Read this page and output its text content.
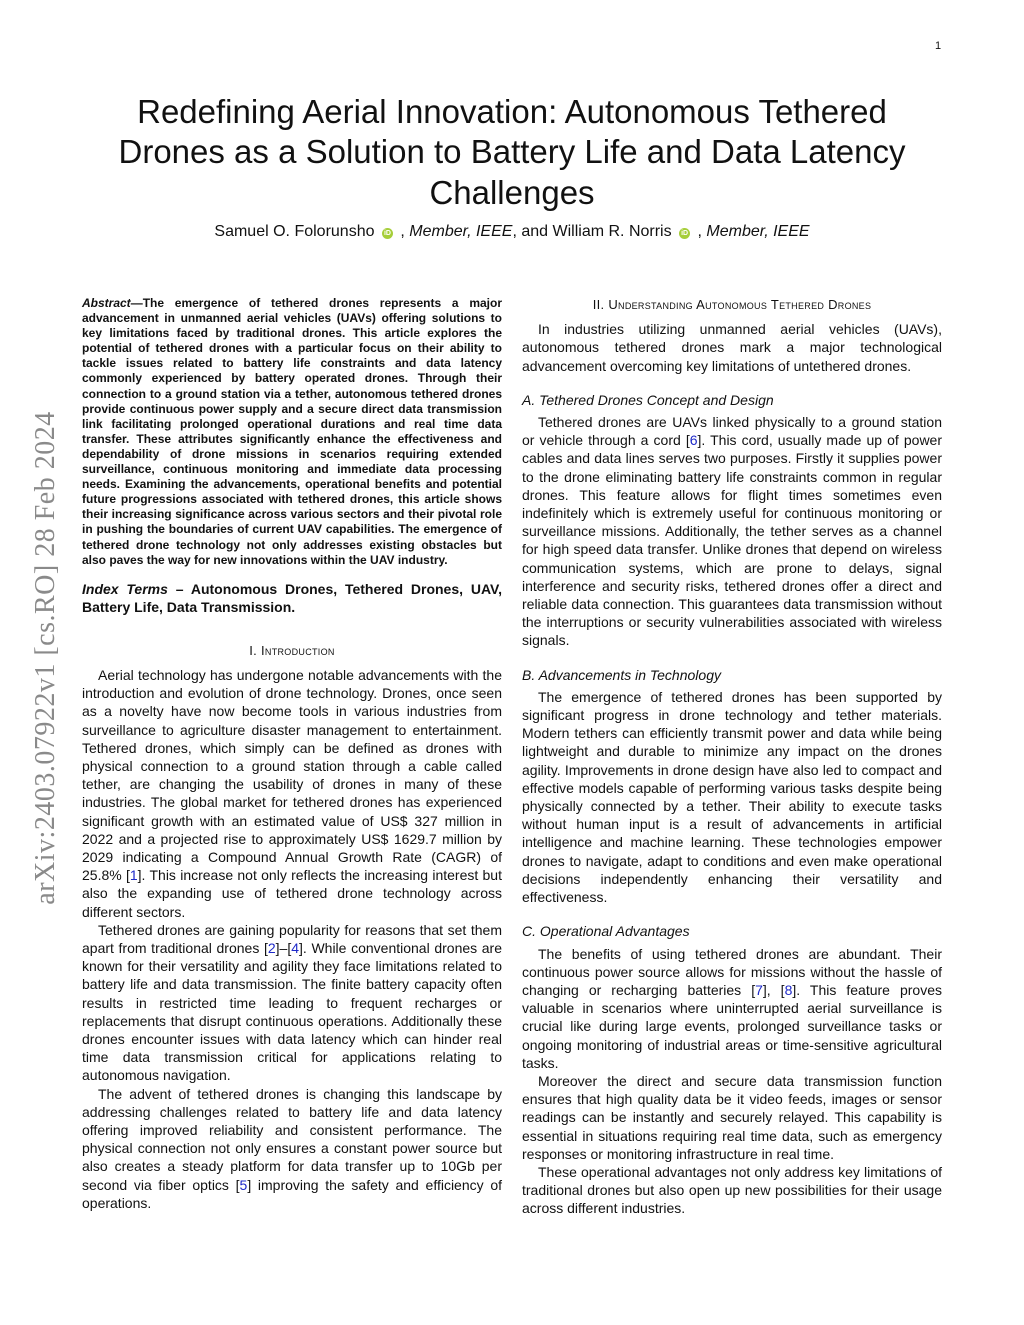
1
arXiv:2403.07922v1 [cs.RO] 28 Feb 2024
Redefining Aerial Innovation: Autonomous Tethered
Drones as a Solution to Battery Life and Data Latency
Challenges
Samuel O. Folorunsho iD , Member, IEEE, and William R. Norris iD , Member, IEEE

Abstract—The emergence of tethered drones represents a major advancement in unmanned aerial vehicles (UAVs) offering solutions to key limitations faced by traditional drones. This article explores the potential of tethered drones with a particular focus on their ability to tackle issues related to battery life constraints and data latency commonly experienced by battery operated drones. Through their connection to a ground station via a tether, autonomous tethered drones provide continuous power supply and a secure direct data transmission link facilitating prolonged operational durations and real time data transfer. These attributes significantly enhance the effectiveness and dependability of drone missions in scenarios requiring extended surveillance, continuous monitoring and immediate data processing needs. Examining the advancements, operational benefits and potential future progressions associated with tethered drones, this article shows their increasing significance across various sectors and their pivotal role in pushing the boundaries of current UAV capabilities. The emergence of tethered drone technology not only addresses existing obstacles but also paves the way for new innovations within the UAV industry.

Index Terms – Autonomous Drones, Tethered Drones, UAV, Battery Life, Data Transmission.

I. Introduction

Aerial technology has undergone notable advancements with the introduction and evolution of drone technology. Drones, once seen as a novelty have now become tools in various industries from surveillance to agriculture disaster management to entertainment. Tethered drones, which simply can be defined as drones with physical connection to a ground station through a cable called tether, are changing the usability of drones in many of these industries. The global market for tethered drones has experienced significant growth with an estimated value of US$ 327 million in 2022 and a projected rise to approximately US$ 1629.7 million by 2029 indicating a Compound Annual Growth Rate (CAGR) of 25.8% [1]. This increase not only reflects the increasing interest but also the expanding use of tethered drone technology across different sectors.

Tethered drones are gaining popularity for reasons that set them apart from traditional drones [2]–[4]. While conventional drones are known for their versatility and agility they face limitations related to battery life and data transmission. The finite battery capacity often results in restricted time leading to frequent recharges or replacements that disrupt continuous operations. Additionally these drones encounter issues with data latency which can hinder real time data transmission critical for applications relating to autonomous navigation.

The advent of tethered drones is changing this landscape by addressing challenges related to battery life and data latency offering improved reliability and consistent performance. The physical connection not only ensures a constant power source but also creates a steady platform for data transfer up to 10Gb per second via fiber optics [5] improving the safety and efficiency of operations.

II. Understanding Autonomous Tethered Drones

In industries utilizing unmanned aerial vehicles (UAVs), autonomous tethered drones mark a major technological advancement overcoming key limitations of untethered drones.

A. Tethered Drones Concept and Design

Tethered drones are UAVs linked physically to a ground station or vehicle through a cord [6]. This cord, usually made up of power cables and data lines serves two purposes. Firstly it supplies power to the drone eliminating battery life constraints common in regular drones. This feature allows for flight times sometimes even indefinitely which is extremely useful for continuous monitoring or surveillance missions. Additionally, the tether serves as a channel for high speed data transfer. Unlike drones that depend on wireless communication systems, which are prone to delays, signal interference and security risks, tethered drones offer a direct and reliable data connection. This guarantees data transmission without the interruptions or security vulnerabilities associated with wireless signals.

B. Advancements in Technology

The emergence of tethered drones has been supported by significant progress in drone technology and tether materials. Modern tethers can efficiently transmit power and data while being lightweight and durable to minimize any impact on the drones agility. Improvements in drone design have also led to compact and effective models capable of performing various tasks despite being physically connected by a tether. Their ability to execute tasks without human input is a result of advancements in artificial intelligence and machine learning. These technologies empower drones to navigate, adapt to conditions and even make operational decisions independently enhancing their versatility and effectiveness.

C. Operational Advantages

The benefits of using tethered drones are abundant. Their continuous power source allows for missions without the hassle of changing or recharging batteries [7], [8]. This feature proves valuable in scenarios where uninterrupted aerial surveillance is crucial like during large events, prolonged surveillance tasks or ongoing monitoring of industrial areas or time-sensitive agricultural tasks.

Moreover the direct and secure data transmission function ensures that high quality data be it video feeds, images or sensor readings can be instantly and securely relayed. This capability is essential in situations requiring real time data, such as emergency responses or monitoring infrastructure in real time.

These operational advantages not only address key limitations of traditional drones but also open up new possibilities for their usage across different industries.
